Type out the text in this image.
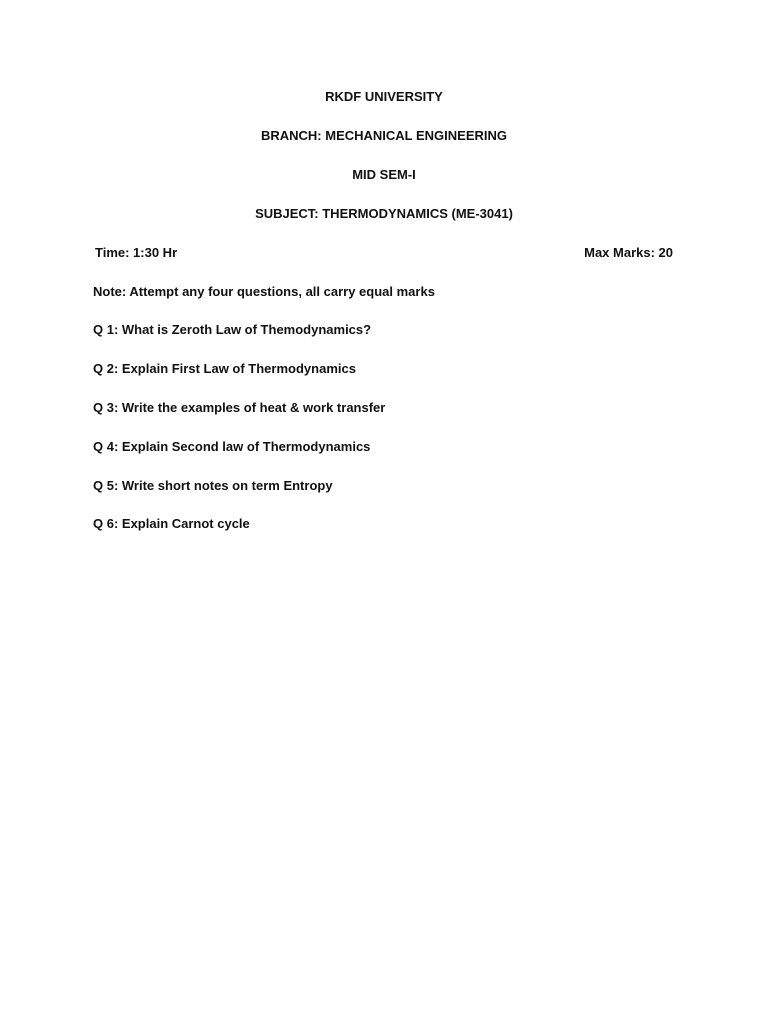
RKDF UNIVERSITY
BRANCH: MECHANICAL ENGINEERING
MID SEM-I
SUBJECT: THERMODYNAMICS (ME-3041)
Time: 1:30 Hr	Max Marks: 20
Note: Attempt any four questions, all carry equal marks
Q 1: What is Zeroth Law of Themodynamics?
Q 2: Explain First Law of Thermodynamics
Q 3: Write the examples of heat & work transfer
Q 4: Explain Second law of Thermodynamics
Q 5: Write short notes on term Entropy
Q 6: Explain Carnot cycle
